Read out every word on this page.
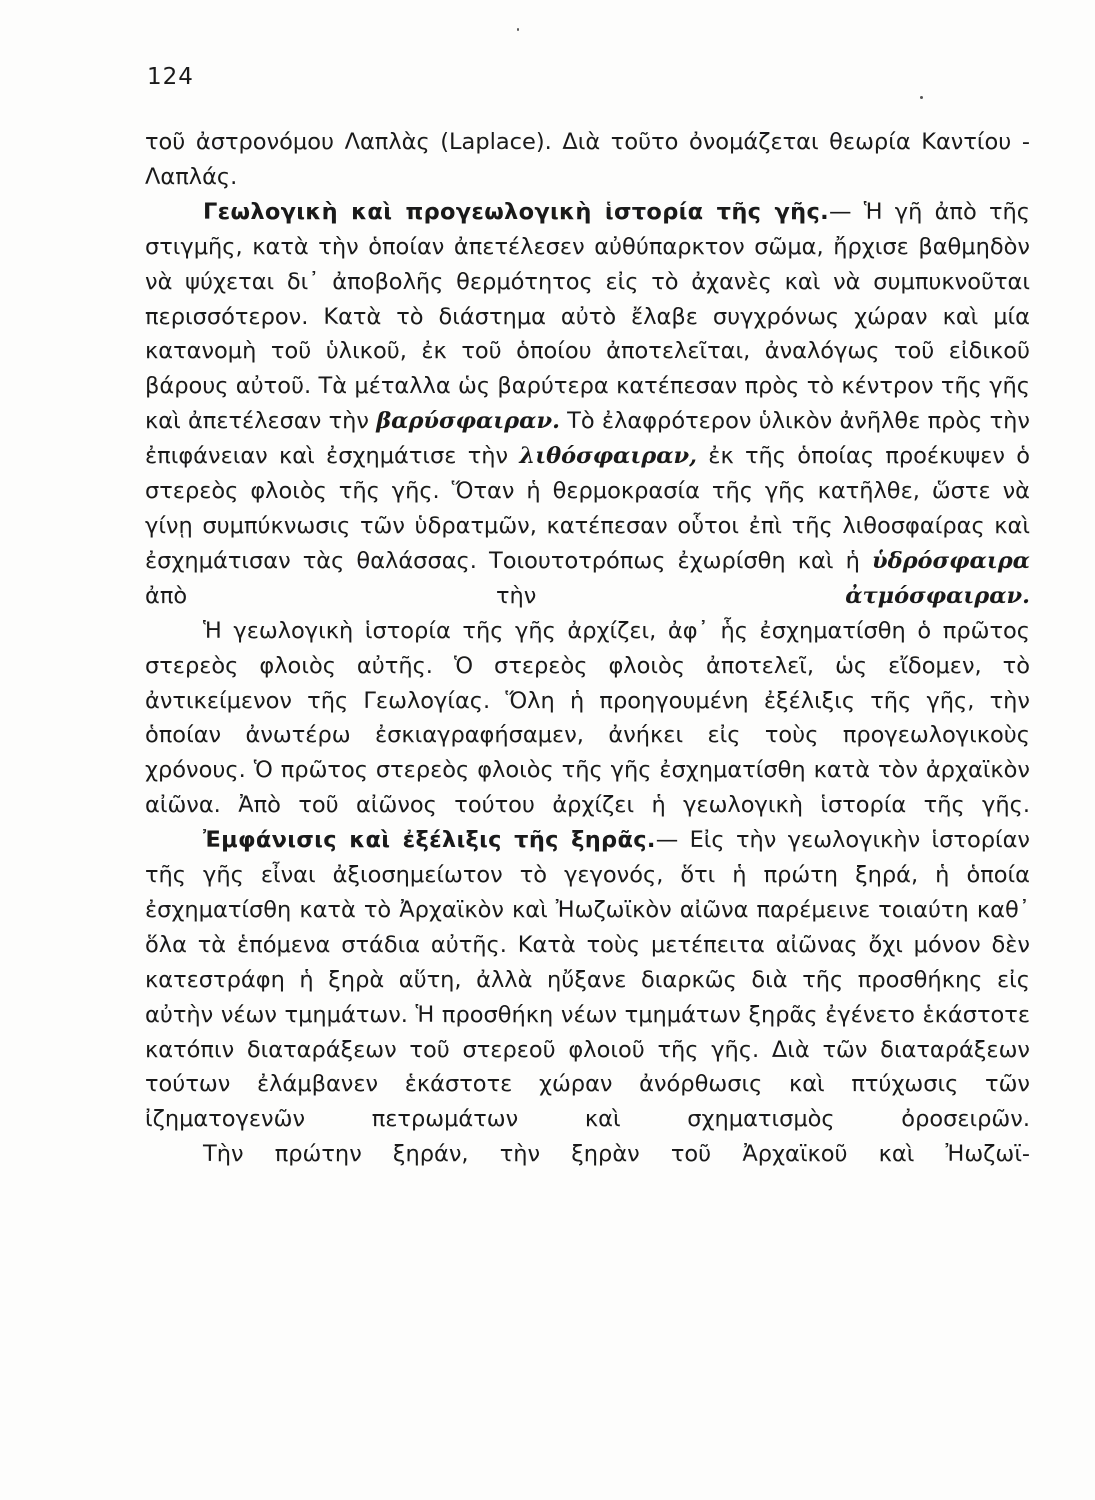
124

τοῦ ἀστρονόμου Λαπλὰς (Laplace). Διὰ τοῦτο ὀνομάζεται θεωρία Καντίου - Λαπλάς.

Γεωλογικὴ καὶ προγεωλογικὴ ἱστορία τῆς γῆς.— Ἡ γῆ ἀπὸ τῆς στιγμῆς, κατὰ τὴν ὁποίαν ἀπετέλεσεν αὐθύπαρκτον σῶμα, ἤρχισε βαθμηδὸν νὰ ψύχεται δι᾽ ἀποβολῆς θερμότητος εἰς τὸ ἀχανὲς καὶ νὰ συμπυκνοῦται περισσότερον. Κατὰ τὸ διάστημα αὐτὸ ἔλαβε συγχρόνως χώραν καὶ μία κατανομὴ τοῦ ὑλικοῦ, ἐκ τοῦ ὁποίου ἀποτελεῖται, ἀναλόγως τοῦ εἰδικοῦ βάρους αὐτοῦ. Τὰ μέταλλα ὡς βαρύτερα κατέπεσαν πρὸς τὸ κέντρον τῆς γῆς καὶ ἀπετέλεσαν τὴν βαρύσφαιραν. Τὸ ἐλαφρότερον ὑλικὸν ἀνῆλθε πρὸς τὴν ἐπιφάνειαν καὶ ἐσχημάτισε τὴν λιθόσφαιραν, ἐκ τῆς ὁποίας προέκυψεν ὁ στερεὸς φλοιὸς τῆς γῆς. Ὅταν ἡ θερμοκρασία τῆς γῆς κατῆλθε, ὥστε νὰ γίνῃ συμπύκνωσις τῶν ὑδρατμῶν, κατέπεσαν οὗτοι ἐπὶ τῆς λιθοσφαίρας καὶ ἐσχημάτισαν τὰς θαλάσσας. Τοιουτοτρόπως ἐχωρίσθη καὶ ἡ ὑδρόσφαιρα ἀπὸ τὴν	ἀτμόσφαιραν.

Ἡ γεωλογικὴ ἱστορία τῆς γῆς ἀρχίζει, ἀφ᾽ ἧς ἐσχηματίσθη ὁ πρῶτος στερεὸς φλοιὸς αὐτῆς. Ὁ στερεὸς φλοιὸς ἀποτελεῖ, ὡς εἴδομεν, τὸ ἀντικείμενον τῆς Γεωλογίας. Ὅλη ἡ προηγουμένη ἐξέλιξις τῆς γῆς, τὴν ὁποίαν ἀνωτέρω ἐσκιαγραφήσαμεν, ἀνήκει εἰς τοὺς προγεωλογικοὺς χρόνους. Ὁ πρῶτος στερεὸς φλοιὸς τῆς γῆς ἐσχηματίσθη κατὰ τὸν ἀρχαϊκὸν αἰῶνα. Ἀπὸ τοῦ αἰῶνος τούτου ἀρχίζει ἡ γεωλογικὴ ἱστορία τῆς γῆς.

Ἐμφάνισις καὶ ἐξέλιξις τῆς ξηρᾶς.— Εἰς τὴν γεωλογικὴν ἱστορίαν τῆς γῆς εἶναι ἀξιοσημείωτον τὸ γεγονός, ὅτι ἡ πρώτη ξηρά, ἡ ὁποία ἐσχηματίσθη κατὰ τὸ Ἀρχαϊκὸν καὶ Ἠωζωϊκὸν αἰῶνα παρέμεινε τοιαύτη καθ᾽ ὅλα τὰ ἑπόμενα στάδια αὐτῆς. Κατὰ τοὺς μετέπειτα αἰῶνας ὄχι μόνον δὲν κατεστράφη ἡ ξηρὰ αὕτη, ἀλλὰ ηὔξανε διαρκῶς διὰ τῆς προσθήκης εἰς αὐτὴν νέων τμημάτων. Ἡ προσθήκη νέων τμημάτων ξηρᾶς ἐγένετο ἑκάστοτε κατόπιν διαταράξεων τοῦ στερεοῦ φλοιοῦ τῆς γῆς. Διὰ τῶν διαταράξεων τούτων ἐλάμβανεν ἑκάστοτε χώραν ἀνόρθωσις καὶ πτύχωσις τῶν ἰζηματογενῶν πετρωμάτων καὶ σχηματισμὸς ὀροσειρῶν.

Τὴν πρώτην ξηράν, τὴν ξηρὰν τοῦ Ἀρχαϊκοῦ καὶ Ἠωζωϊ-
